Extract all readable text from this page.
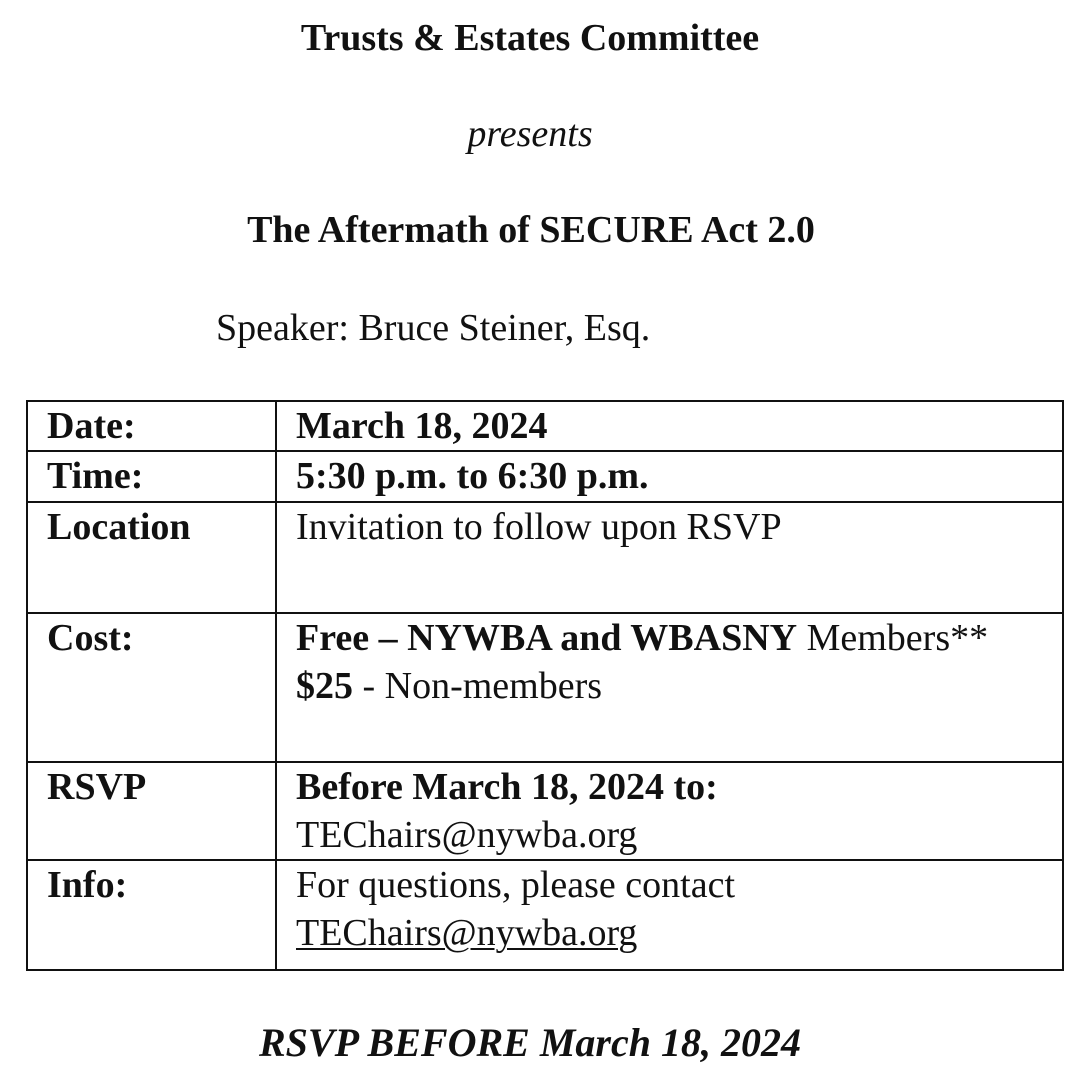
Trusts & Estates Committee
presents
The Aftermath of SECURE Act 2.0
Speaker: Bruce Steiner, Esq.
Date:	March 18, 2024
Time:	5:30 p.m. to 6:30 p.m.
Location	Invitation to follow upon RSVP
Cost:	Free – NYWBA and WBASNY Members**
$25 - Non-members

RSVP	Before March 18, 2024 to:
TEChairs@nywba.org

Info:	For questions, please contact
TEChairs@nywba.org
RSVP BEFORE March 18, 2024
